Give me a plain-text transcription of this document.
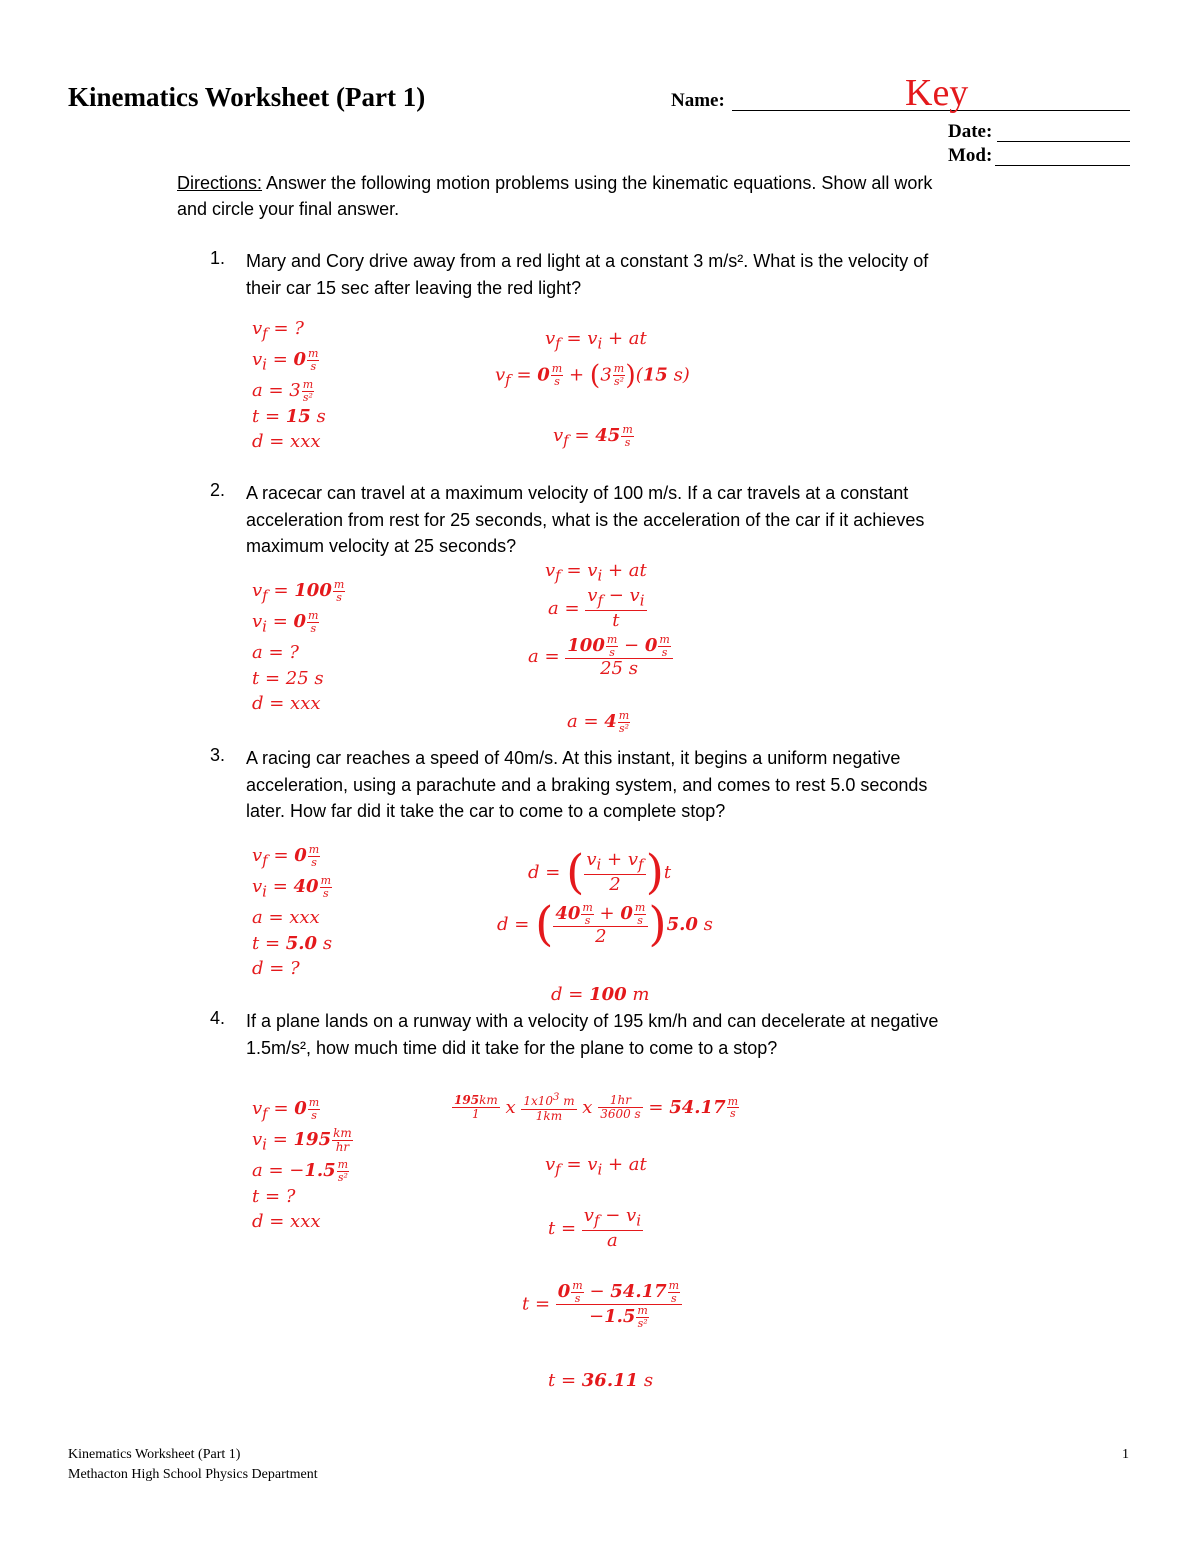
Kinematics Worksheet (Part 1)	Name:	Key
Date:
Mod:
Directions: Answer the following motion problems using the kinematic equations. Show all work
and circle your final answer.
1. Mary and Cory drive away from a red light at a constant 3 m/s². What is the velocity of
their car 15 sec after leaving the red light?
$v_f$ = ?
$v_i = 0 \frac{m}{s}$
$a = 3 \frac{m}{\text{s²}}$
t = 15 s
d = xxx
$v_f = v_i$ + at
$v_f = 0 \frac{m}{s} + (3 \frac{m}{\text{s²}} )(15$ s)
$v_f = 45 \frac{m}{s}$
2. A racecar can travel at a maximum velocity of 100 m/s. If a car travels at a constant
acceleration from rest for 25 seconds, what is the acceleration of the car if it achieves
maximum velocity at 25 seconds?
$v_f = 100 \frac{m}{s}$
$v_i = 0 \frac{m}{s}$
a = ?
t = 25 s
d = xxx
$v_f = v_i$ + at
$a = \frac{v_f - v_i}{t}$
$a = \frac{100 \frac{m}{s} - 0 \frac{m}{s}}{25 s}$
$a = 4 \frac{m}{\text{s²}}$
3. A racing car reaches a speed of 40m/s. At this instant, it begins a uniform negative
acceleration, using a parachute and a braking system, and comes to rest 5.0 seconds
later. How far did it take the car to come to a complete stop?
$v_f = 0 \frac{m}{s}$
$v_i = 40 \frac{m}{s}$
a = xxx
t = 5.0 s
d = ?
d = ( $\frac{v_i + v_f}{2} )t$
d = ( $\frac{40 \frac{m}{s} + 0 \frac{m}{s}}{2} )5.0$ s
d = 100 m
4. If a plane lands on a runway with a velocity of 195 km/h and can decelerate at negative
1.5m/s², how much time did it take for the plane to come to a stop?
$v_f = 0 \frac{m}{s}$
$v_i = 195 \frac{km}{hr}$
$a = -1.5 \frac{m}{\text{s²}}$
t = ?
d = xxx
$\frac{195km}{1}$ x $\frac{1x10^3 m}{1km}$ x $\frac{1hr}{3600 s} = 54.17 \frac{m}{s}$
$v_f = v_i$ + at
$t = \frac{v_f - v_i}{a}$
$t = \frac{0 \frac{m}{s} - 54.17 \frac{m}{s}}{-1.5 \frac{m}{\text{s²}}}$
t = 36.11 s
Kinematics Worksheet (Part 1)
Methacton High School Physics Department
1
